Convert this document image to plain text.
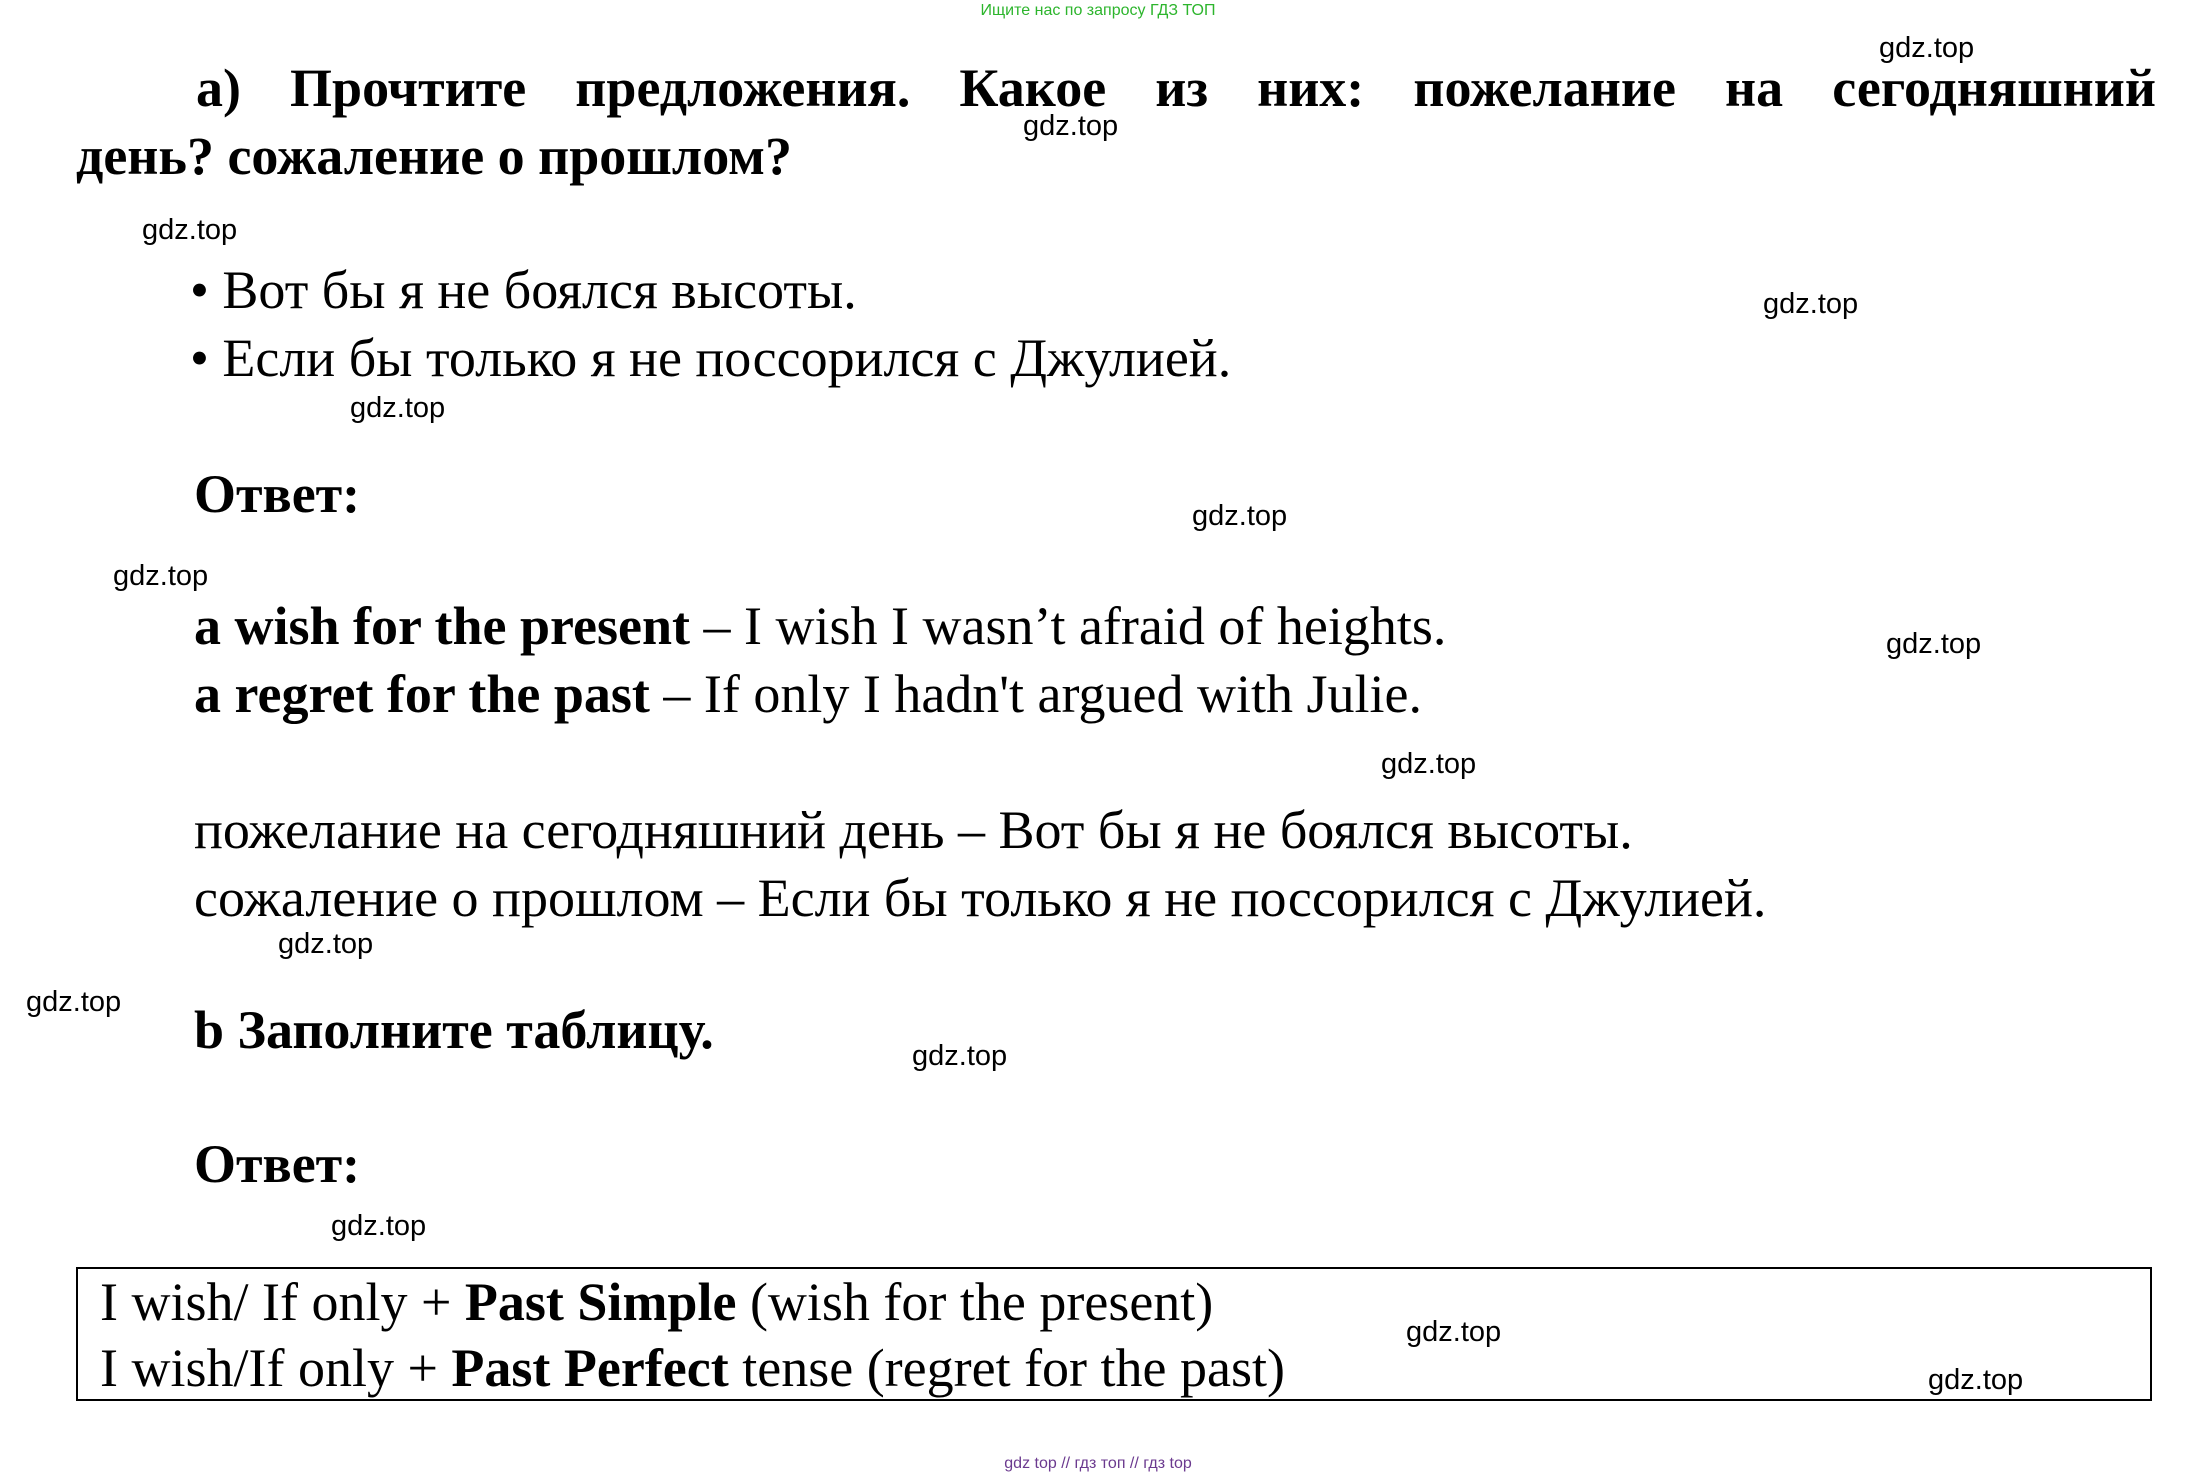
Ищите нас по запросу ГДЗ ТОП
а) Прочтите предложения. Какое из них: пожелание на сегодняшний
день? сожаление о прошлом?
• Вот бы я не боялся высоты.
• Если бы только я не поссорился с Джулией.
Ответ:
a wish for the present – I wish I wasn’t afraid of heights.
a regret for the past – If only I hadn't argued with Julie.
пожелание на сегодняшний день – Вот бы я не боялся высоты.
сожаление о прошлом – Если бы только я не поссорился с Джулией.
b Заполните таблицу.
Ответ:
I wish/ If only + Past Simple (wish for the present)
I wish/If only + Past Perfect tense (regret for the past)
gdz.top
gdz.top
gdz.top
gdz.top
gdz.top
gdz.top
gdz.top
gdz.top
gdz.top
gdz.top
gdz.top
gdz.top
gdz.top
gdz.top
gdz.top
gdz top // гдз топ // гдз top
